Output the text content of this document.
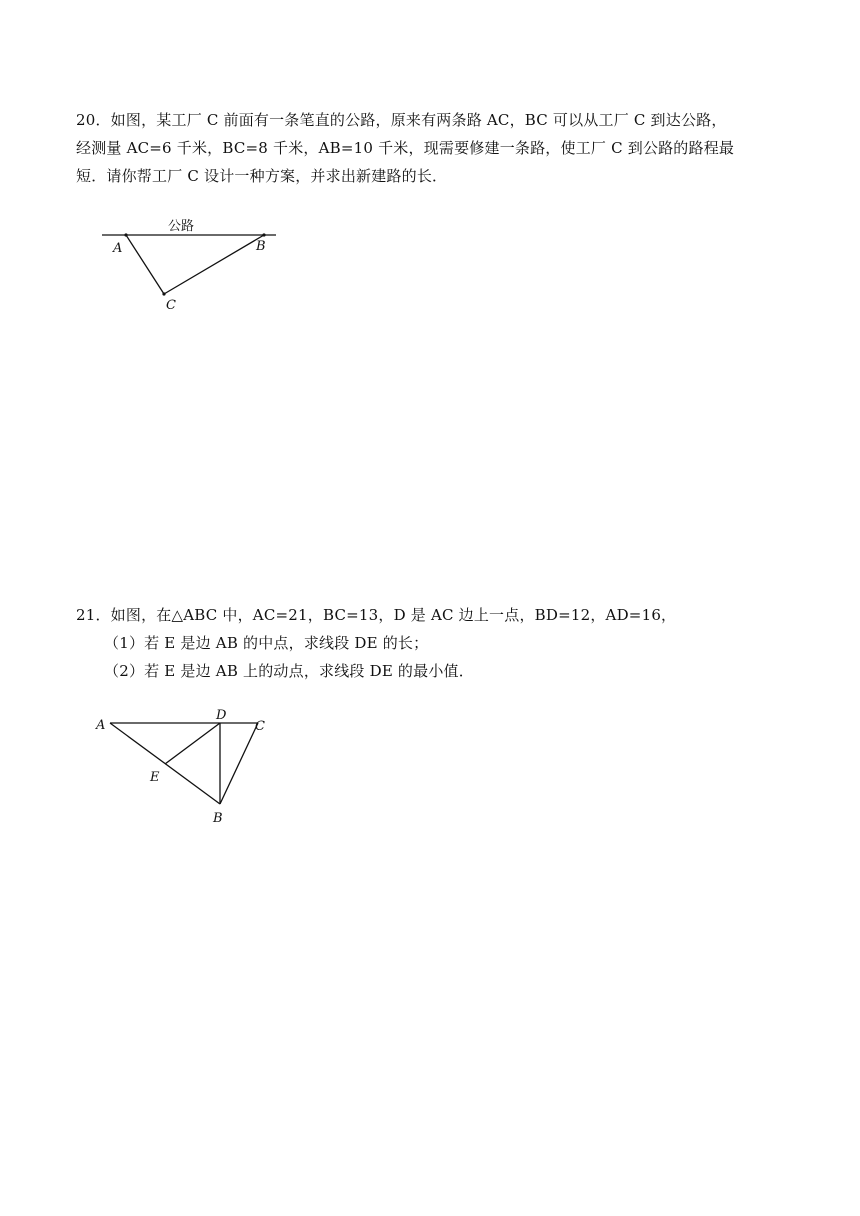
20．如图，某工厂 C 前面有一条笔直的公路，原来有两条路 AC，BC 可以从工厂 C 到达公路，
经测量 AC=6 千米，BC=8 千米，AB=10 千米，现需要修建一条路，使工厂 C 到公路的路程最
短．请你帮工厂 C 设计一种方案，并求出新建路的长．
公路
A	B
C
21．如图，在△ABC 中，AC=21，BC=13，D 是 AC 边上一点，BD=12，AD=16，
（1）若 E 是边 AB 的中点，求线段 DE 的长；
（2）若 E 是边 AB 上的动点，求线段 DE 的最小值．
A
D
C
E
B
